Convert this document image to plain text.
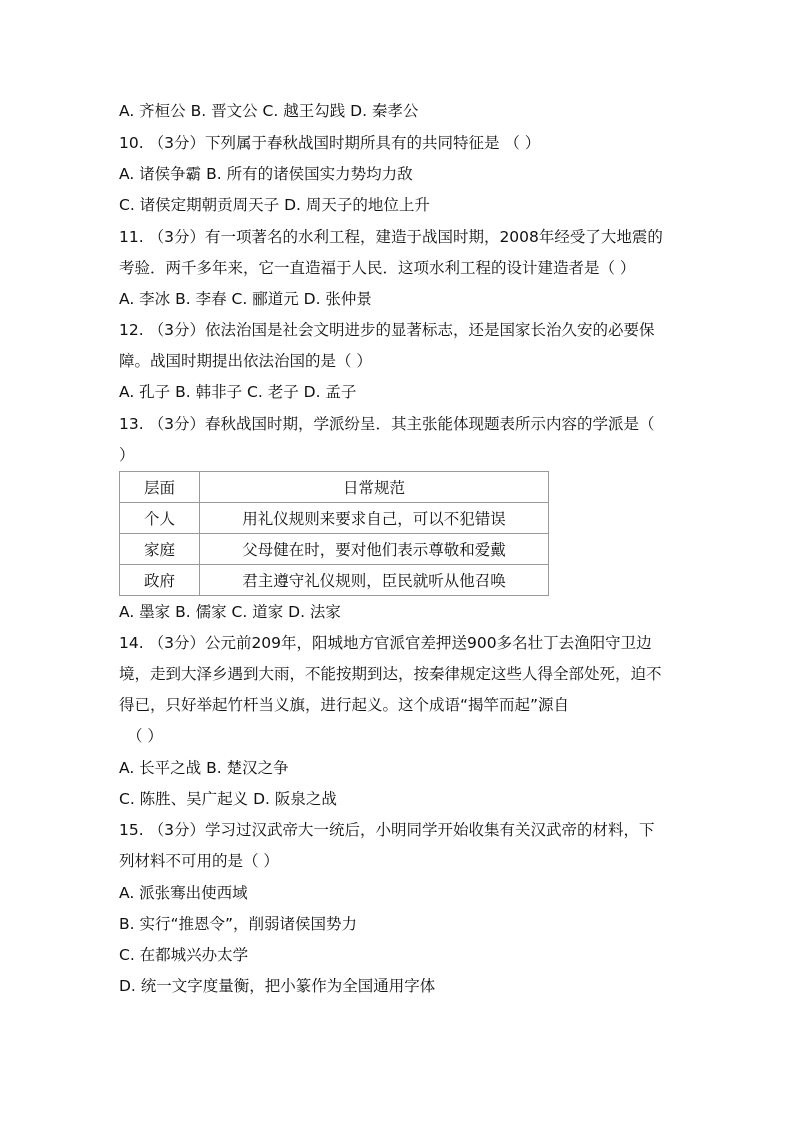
A. 齐桓公 B. 晋文公 C. 越王勾践 D. 秦孝公
10. （3分）下列属于春秋战国时期所具有的共同特征是 （ ）
A. 诸侯争霸 B. 所有的诸侯国实力势均力敌
C. 诸侯定期朝贡周天子 D. 周天子的地位上升
11. （3分）有一项著名的水利工程，建造于战国时期，2008年经受了大地震的
考验．两千多年来，它一直造福于人民．这项水利工程的设计建造者是（ ）
A. 李冰 B. 李春 C. 郦道元 D. 张仲景
12. （3分）依法治国是社会文明进步的显著标志，还是国家长治久安的必要保
障。战国时期提出依法治国的是（ ）
A. 孔子 B. 韩非子 C. 老子 D. 孟子
13. （3分）春秋战国时期，学派纷呈．其主张能体现题表所示内容的学派是（
）
层面	日常规范
个人	用礼仪规则来要求自己，可以不犯错误
家庭	父母健在时，要对他们表示尊敬和爱戴
政府	君主遵守礼仪规则，臣民就听从他召唤
A. 墨家 B. 儒家 C. 道家 D. 法家
14. （3分）公元前209年，阳城地方官派官差押送900多名壮丁去渔阳守卫边
境，走到大泽乡遇到大雨，不能按期到达，按秦律规定这些人得全部处死，迫不
得已，只好举起竹杆当义旗，进行起义。这个成语“揭竿而起”源自
（ ）
A. 长平之战 B. 楚汉之争
C. 陈胜、吴广起义 D. 阪泉之战
15. （3分）学习过汉武帝大一统后，小明同学开始收集有关汉武帝的材料，下
列材料不可用的是（ ）
A. 派张骞出使西域
B. 实行“推恩令”，削弱诸侯国势力
C. 在都城兴办太学
D. 统一文字度量衡，把小篆作为全国通用字体
